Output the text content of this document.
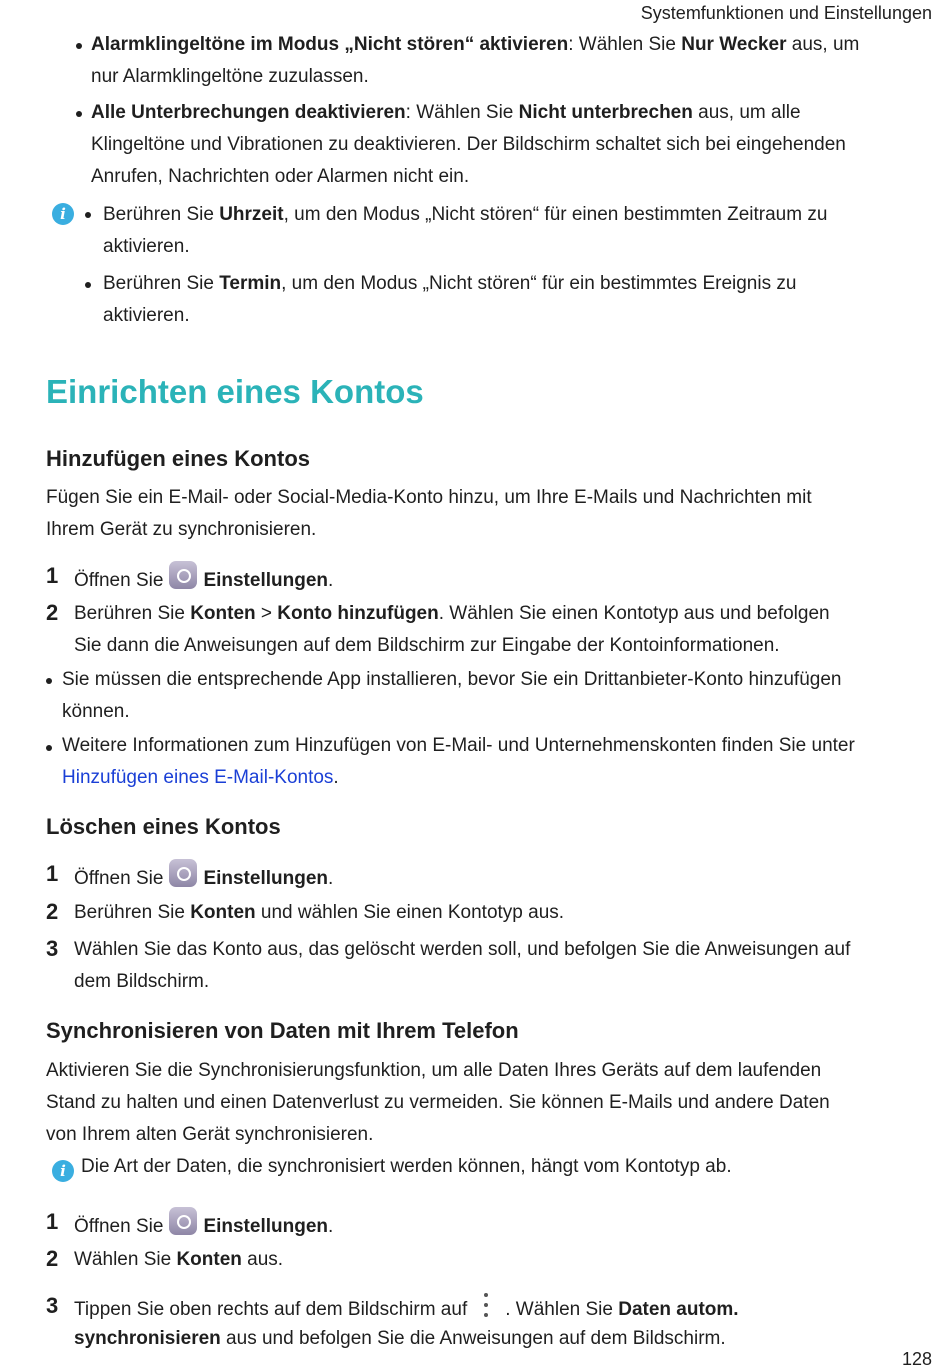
Systemfunktionen und Einstellungen
Alarmklingeltöne im Modus „Nicht stören“ aktivieren: Wählen Sie Nur Wecker aus, um
nur Alarmklingeltöne zuzulassen.
Alle Unterbrechungen deaktivieren: Wählen Sie Nicht unterbrechen aus, um alle
Klingeltöne und Vibrationen zu deaktivieren. Der Bildschirm schaltet sich bei eingehenden
Anrufen, Nachrichten oder Alarmen nicht ein.
i	Berühren Sie Uhrzeit, um den Modus „Nicht stören“ für einen bestimmten Zeitraum zu
aktivieren.
Berühren Sie Termin, um den Modus „Nicht stören“ für ein bestimmtes Ereignis zu
aktivieren.
Einrichten eines Kontos
Hinzufügen eines Kontos
Fügen Sie ein E-Mail- oder Social-Media-Konto hinzu, um Ihre E-Mails und Nachrichten mit
Ihrem Gerät zu synchronisieren.
1 Öffnen Sie Einstellungen.
2 Berühren Sie Konten > Konto hinzufügen. Wählen Sie einen Kontotyp aus und befolgen
Sie dann die Anweisungen auf dem Bildschirm zur Eingabe der Kontoinformationen.
Sie müssen die entsprechende App installieren, bevor Sie ein Drittanbieter-Konto hinzufügen
können.
Weitere Informationen zum Hinzufügen von E-Mail- und Unternehmenskonten finden Sie unter
Hinzufügen eines E-Mail-Kontos.
Löschen eines Kontos
1 Öffnen Sie Einstellungen.
2 Berühren Sie Konten und wählen Sie einen Kontotyp aus.
3 Wählen Sie das Konto aus, das gelöscht werden soll, und befolgen Sie die Anweisungen auf
dem Bildschirm.
Synchronisieren von Daten mit Ihrem Telefon
Aktivieren Sie die Synchronisierungsfunktion, um alle Daten Ihres Geräts auf dem laufenden
Stand zu halten und einen Datenverlust zu vermeiden. Sie können E-Mails und andere Daten
von Ihrem alten Gerät synchronisieren.
i Die Art der Daten, die synchronisiert werden können, hängt vom Kontotyp ab.
1 Öffnen Sie Einstellungen.
2 Wählen Sie Konten aus.
3 Tippen Sie oben rechts auf dem Bildschirm auf . Wählen Sie Daten autom.
synchronisieren aus und befolgen Sie die Anweisungen auf dem Bildschirm.
128
